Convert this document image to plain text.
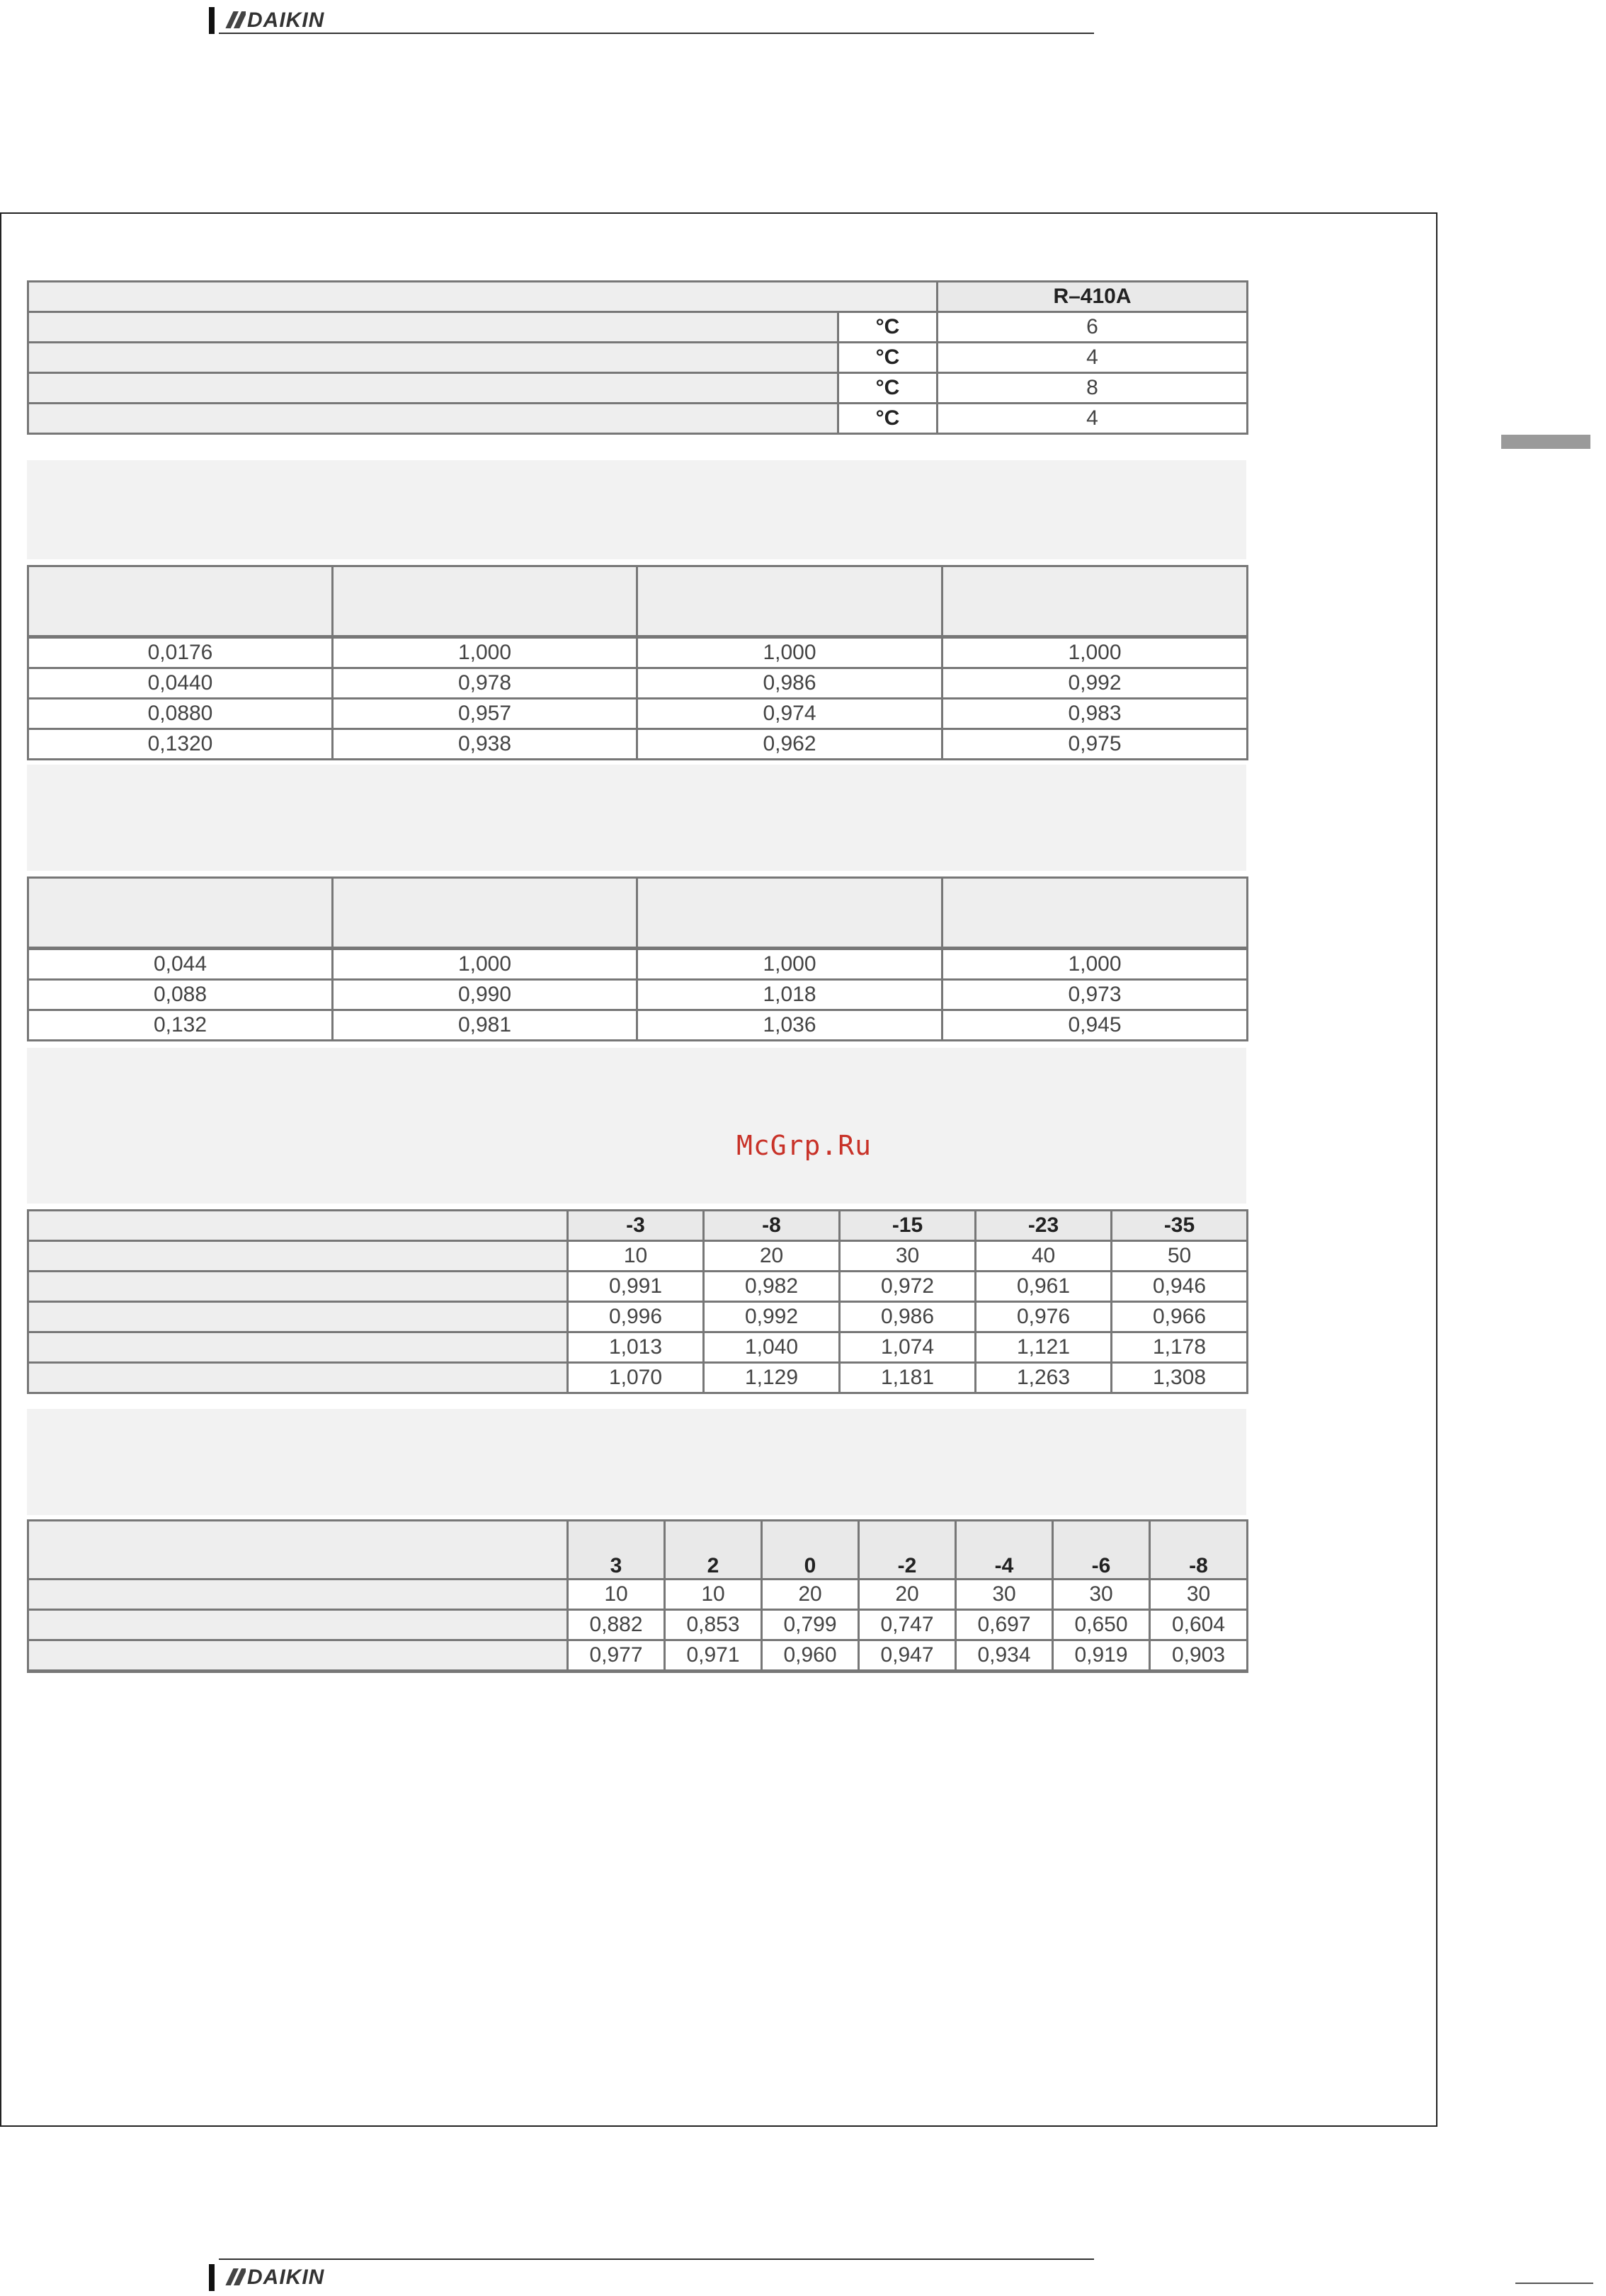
DAIKIN
		R–410A
	°C	6
	°C	4
	°C	8
	°C	4

0,0176	1,000	1,000	1,000
0,0440	0,978	0,986	0,992
0,0880	0,957	0,974	0,983
0,1320	0,938	0,962	0,975

0,044	1,000	1,000	1,000
0,088	0,990	1,018	0,973
0,132	0,981	1,036	0,945
McGrp.Ru
	-3	-8	-15	-23	-35
	10	20	30	40	50
	0,991	0,982	0,972	0,961	0,946
	0,996	0,992	0,986	0,976	0,966
	1,013	1,040	1,074	1,121	1,178
	1,070	1,129	1,181	1,263	1,308
	3	2	0	-2	-4	-6	-8
	10	10	20	20	30	30	30
	0,882	0,853	0,799	0,747	0,697	0,650	0,604
	0,977	0,971	0,960	0,947	0,934	0,919	0,903
DAIKIN
